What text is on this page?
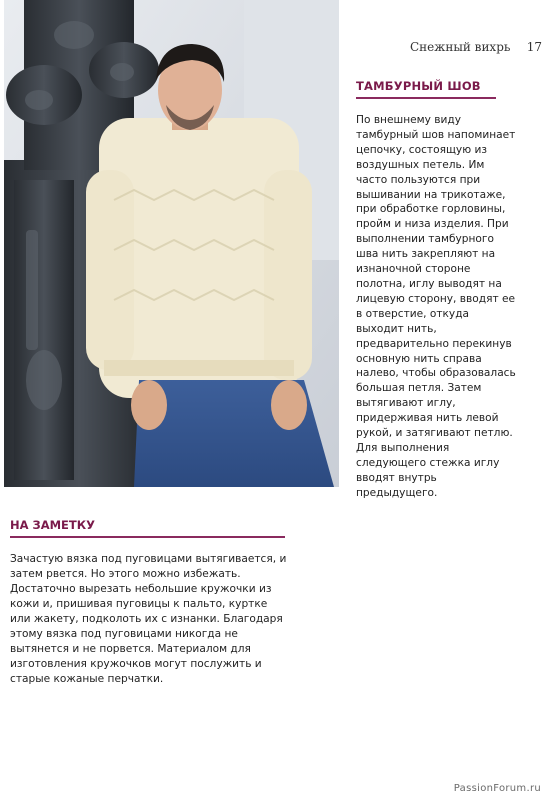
Снежный вихрь 17
ТАМБУРНЫЙ ШОВ

По внешнему виду тамбурный шов напоминает цепочку, состоящую из воздушных петель. Им часто пользуются при вышивании на трикотаже, при обработке горловины, пройм и низа изделия. При выполнении тамбурного шва нить закрепляют на изнаночной стороне полотна, иглу выводят на лицевую сторону, вводят ее в отверстие, откуда выходит нить, предварительно перекинув основную нить справа налево, чтобы образовалась большая петля. Затем вытягивают иглу, придерживая нить левой рукой, и затягивают петлю. Для выполнения следующего стежка иглу вводят внутрь предыдущего.

НА ЗАМЕТКУ

Зачастую вязка под пуговицами вытягивается, и затем рвется. Но этого можно избежать. Достаточно вырезать небольшие кружочки из кожи и, пришивая пуговицы к пальто, куртке или жакету, подколоть их с изнанки. Благодаря этому вязка под пуговицами никогда не вытянется и не порвется. Материалом для изготовления кружочков могут послужить и старые кожаные перчатки.

PassionForum.ru
